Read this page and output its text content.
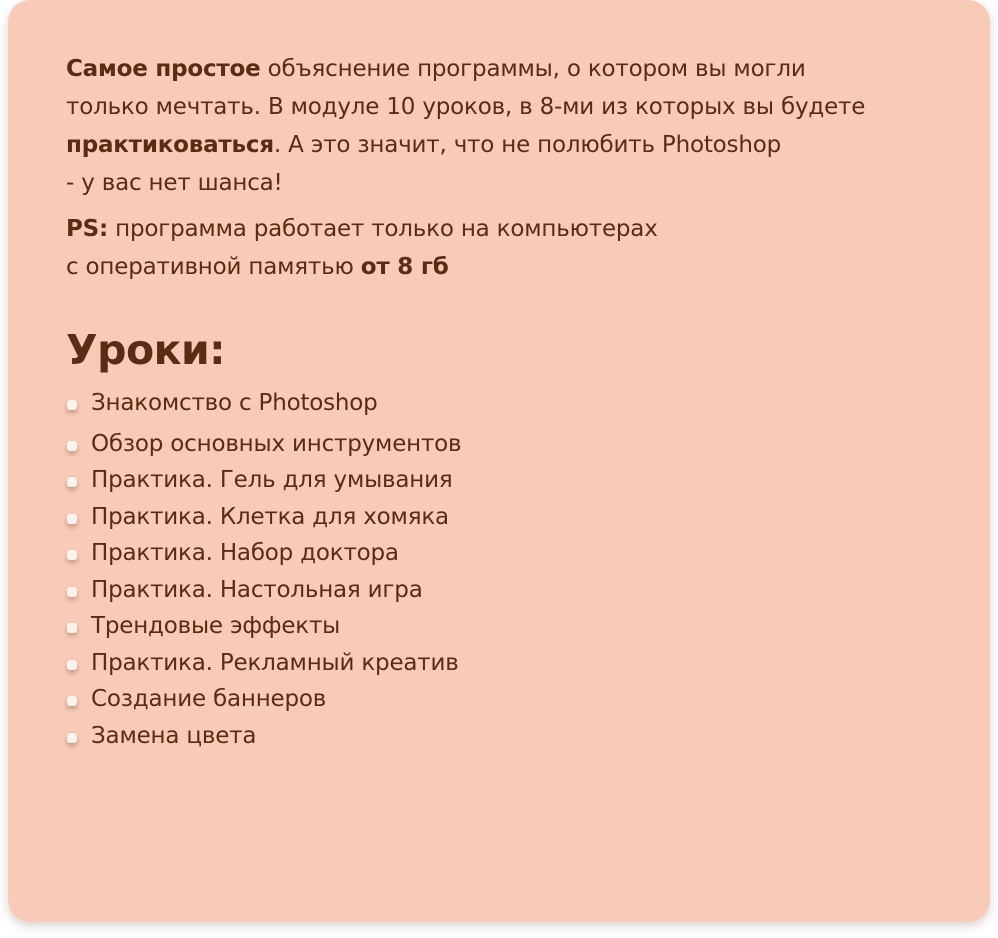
Самое простое объяснение программы, о котором вы могли
только мечтать. В модуле 10 уроков, в 8-ми из которых вы будете
практиковаться. А это значит, что не полюбить Photoshop
- у вас нет шанса!

PS: программа работает только на компьютерах
с оперативной памятью от 8 гб

Уроки:
Знакомство с Photoshop
Обзор основных инструментов
Практика. Гель для умывания
Практика. Клетка для хомяка
Практика. Набор доктора
Практика. Настольная игра
Трендовые эффекты
Практика. Рекламный креатив
Создание баннеров
Замена цвета
